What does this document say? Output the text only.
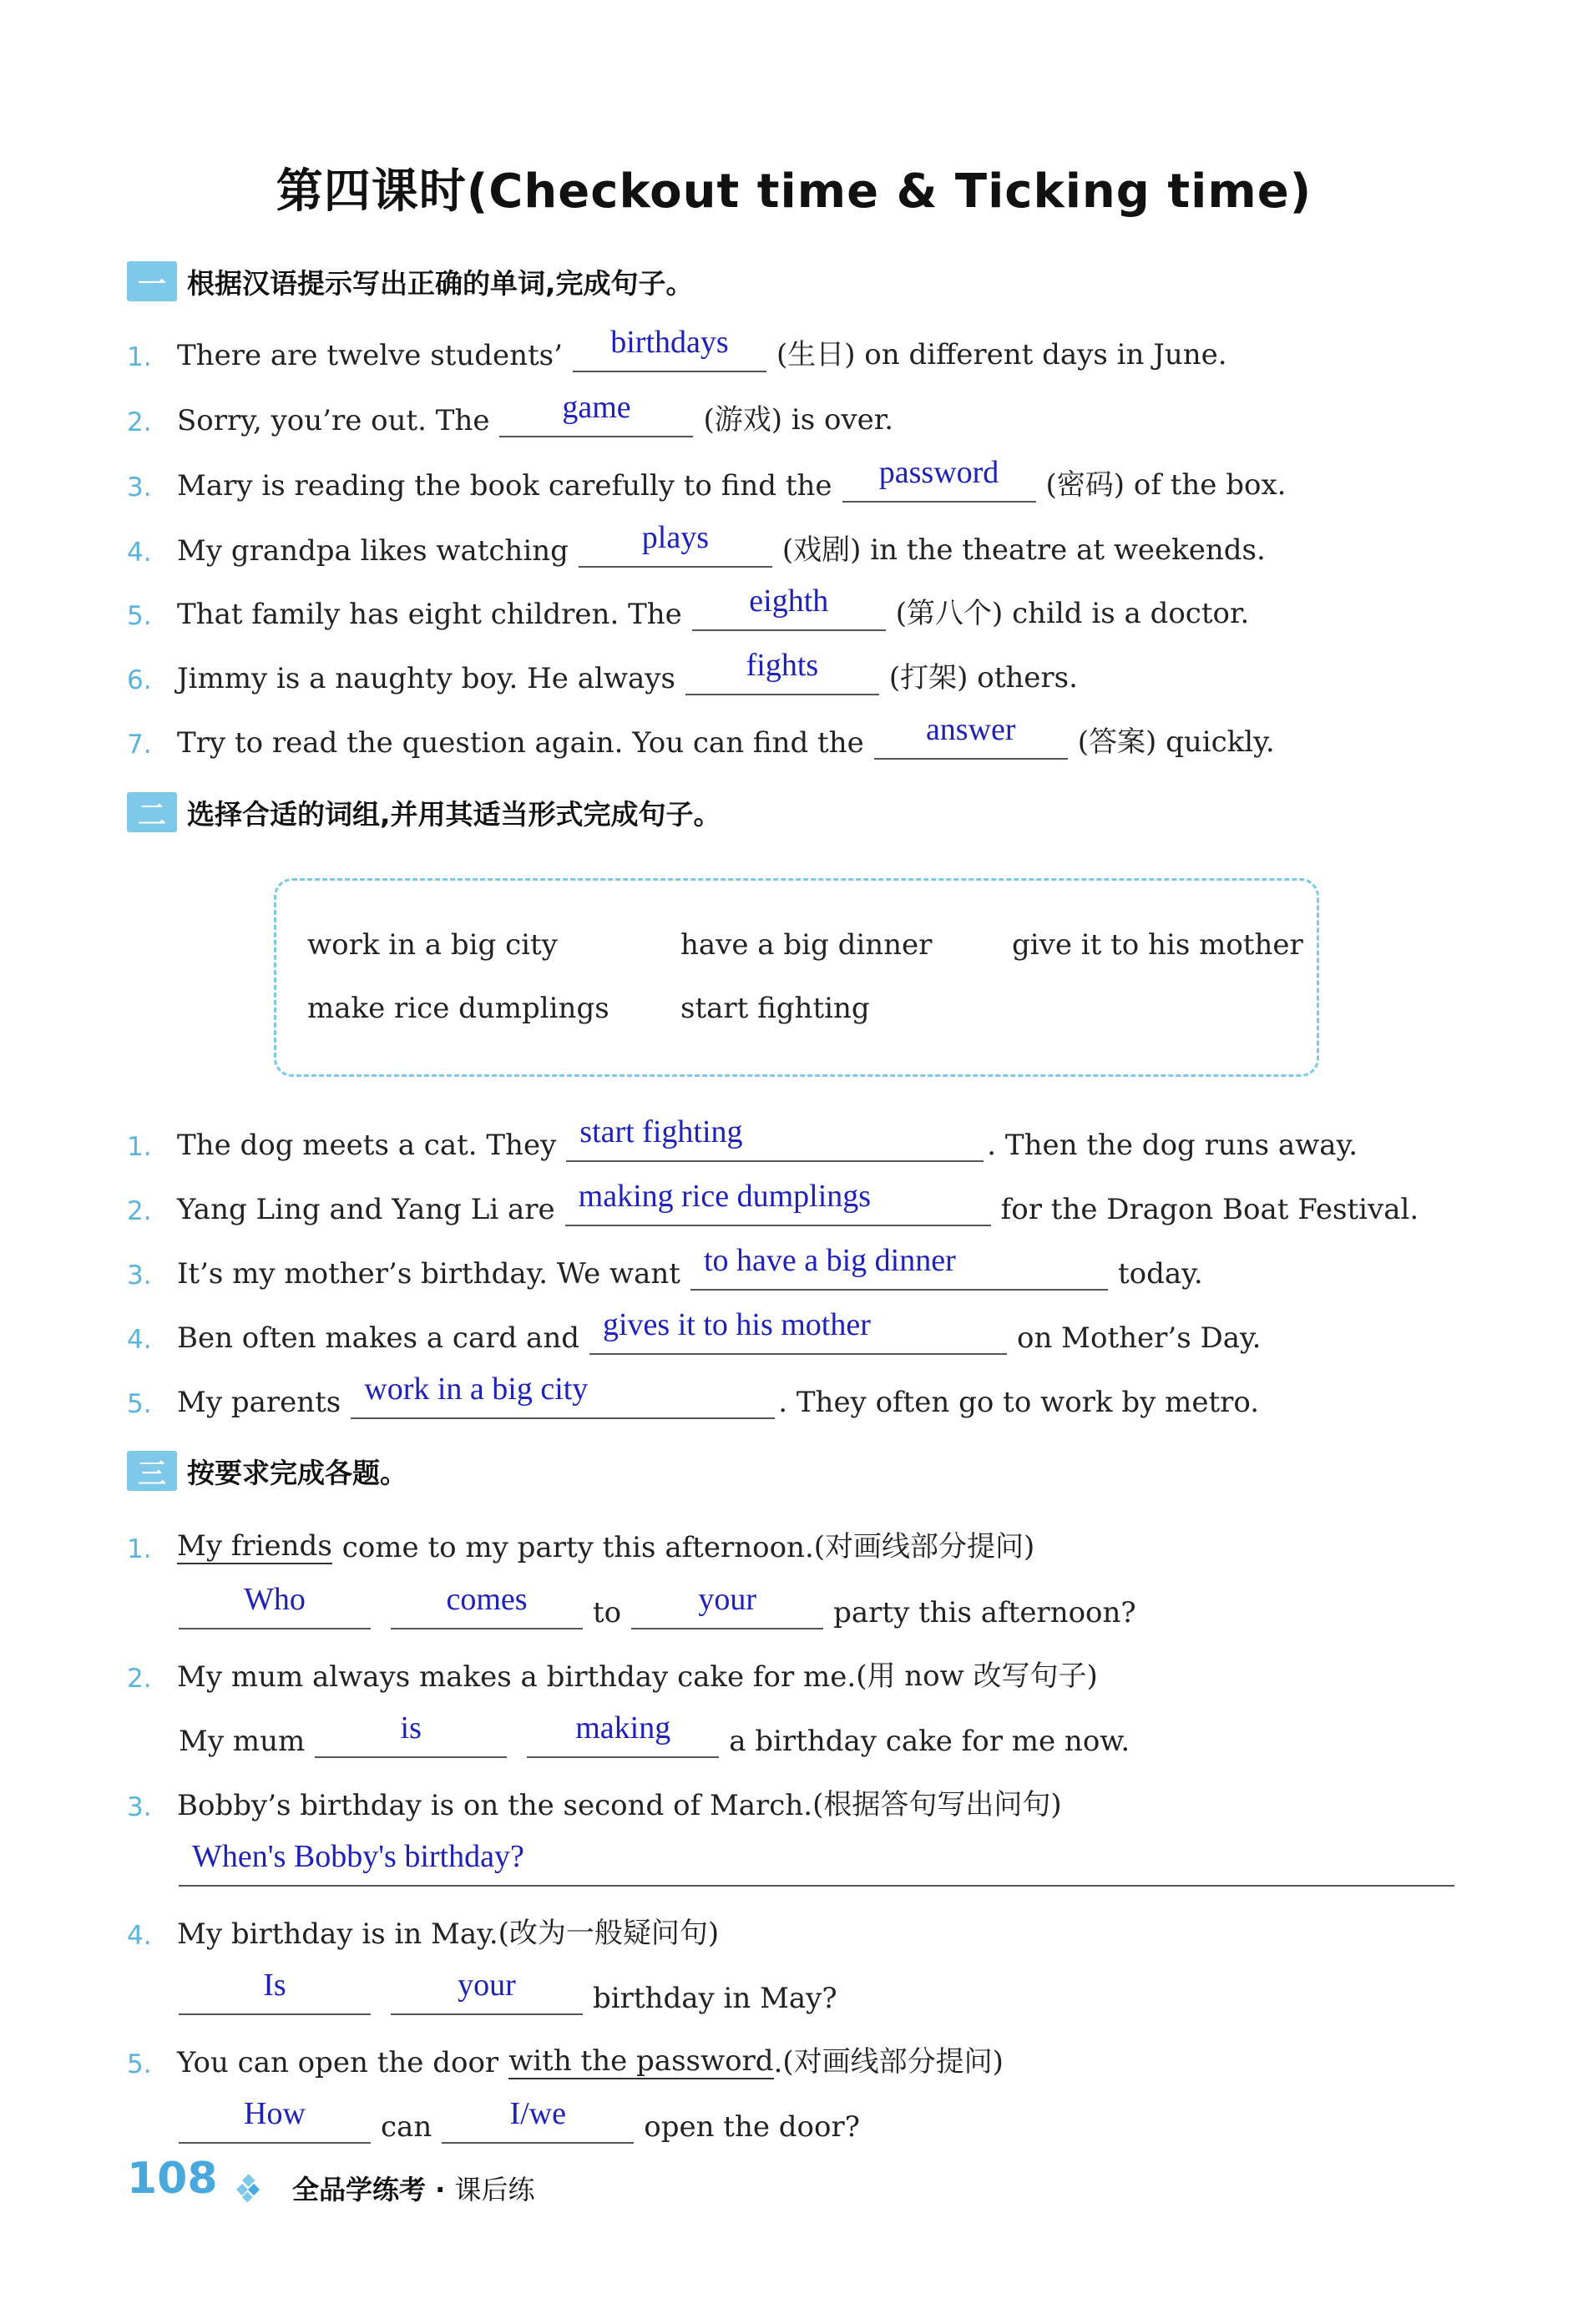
第四课时(Checkout time & Ticking time)
一 根据汉语提示写出正确的单词,完成句子。
1. There are twelve students’	birthdays	(生日) on different days in June.
2. Sorry, you’re out. The	game	(游戏) is over.
3. Mary is reading the book carefully to find the	password	(密码) of the box.
4. My grandpa likes watching	plays	(戏剧) in the theatre at weekends.
5. That family has eight children. The	eighth	(第八个) child is a doctor.
6. Jimmy is a naughty boy. He always	fights	(打架) others.
7. Try to read the question again. You can find the	answer	(答案) quickly.
二 选择合适的词组,并用其适当形式完成句子。
work in a big city	have a big dinner	give it to his mother
make rice dumplings	start fighting
1. The dog meets a cat. They start fighting	. Then the dog runs away.
2. Yang Ling and Yang Li are making rice dumplings	for the Dragon Boat Festival.
3. It’s my mother’s birthday. We want to have a big dinner	today.
4. Ben often makes a card and gives it to his mother	on Mother’s Day.
5. My parents work in a big city	. They often go to work by metro.
三 按要求完成各题。
1. My friends come to my party this afternoon. (对画线部分提问)
Who	comes	to	your	party this afternoon?
2. My mum always makes a birthday cake for me. (用 now 改写句子)
My mum	is	making	a birthday cake for me now.
3. Bobby’s birthday is on the second of March. (根据答句写出问句)
When's Bobby's birthday?
4. My birthday is in May. (改为一般疑问句)
Is	your	birthday in May?
5. You can open the door with the password . (对画线部分提问)
How	can	I/we	open the door?
108	全品学练考 · 课后练
